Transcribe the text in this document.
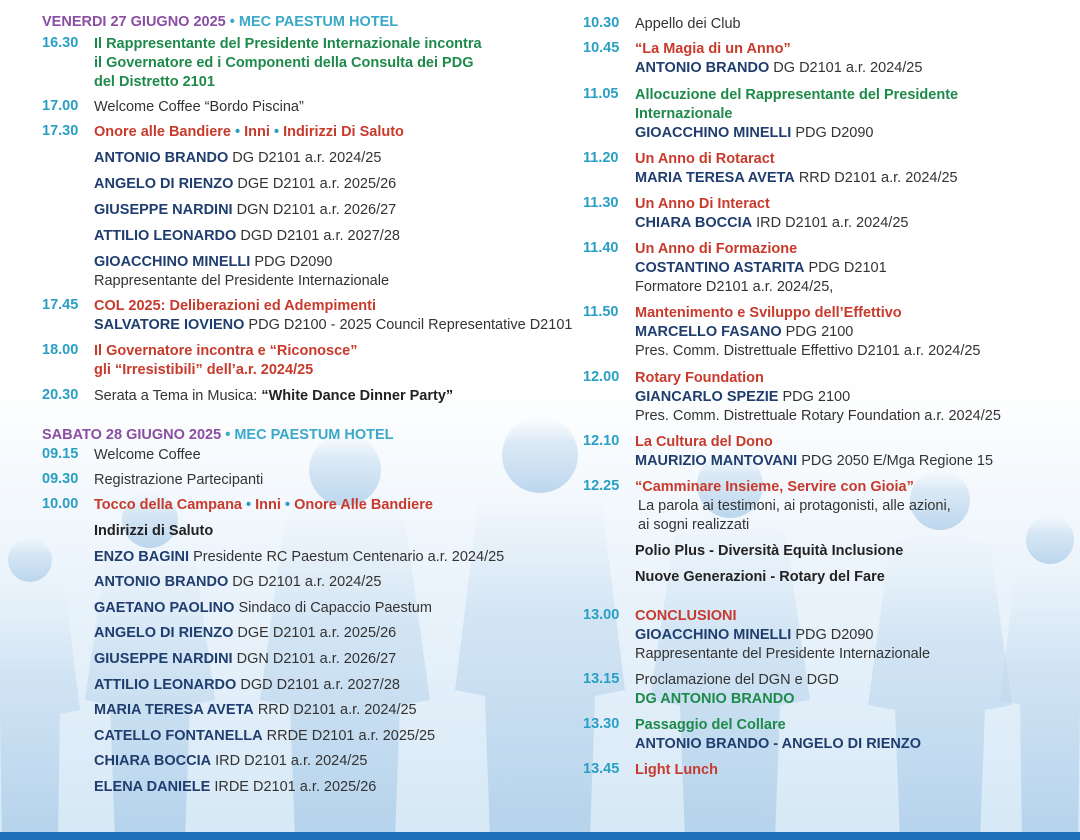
VENERDI 27 GIUGNO 2025 • MEC PAESTUM HOTEL
16.30	Il Rappresentante del Presidente Internazionale incontra
il Governatore ed i Componenti della Consulta dei PDG
del Distretto 2101
17.00	Welcome Coffee “Bordo Piscina”
17.30	Onore alle Bandiere • Inni • Indirizzi Di Saluto
ANTONIO BRANDO DG D2101 a.r. 2024/25
ANGELO DI RIENZO DGE D2101 a.r. 2025/26
GIUSEPPE NARDINI DGN D2101 a.r. 2026/27
ATTILIO LEONARDO DGD D2101 a.r. 2027/28
GIOACCHINO MINELLI PDG D2090
Rappresentante del Presidente Internazionale
17.45	COL 2025: Deliberazioni ed Adempimenti
SALVATORE IOVIENO PDG D2100 - 2025 Council Representative D2101
18.00	Il Governatore incontra e “Riconosce”
gli “Irresistibili” dell’a.r. 2024/25
20.30	Serata a Tema in Musica: “White Dance Dinner Party”
SABATO 28 GIUGNO 2025 • MEC PAESTUM HOTEL
09.15	Welcome Coffee
09.30	Registrazione Partecipanti
10.00	Tocco della Campana • Inni • Onore Alle Bandiere
Indirizzi di Saluto
ENZO BAGINI Presidente RC Paestum Centenario a.r. 2024/25
ANTONIO BRANDO DG D2101 a.r. 2024/25
GAETANO PAOLINO Sindaco di Capaccio Paestum
ANGELO DI RIENZO DGE D2101 a.r. 2025/26
GIUSEPPE NARDINI DGN D2101 a.r. 2026/27
ATTILIO LEONARDO DGD D2101 a.r. 2027/28
MARIA TERESA AVETA RRD D2101 a.r. 2024/25
CATELLO FONTANELLA RRDE D2101 a.r. 2025/25
CHIARA BOCCIA IRD D2101 a.r. 2024/25
ELENA DANIELE IRDE D2101 a.r. 2025/26
10.30	Appello dei Club
10.45	“La Magia di un Anno”
ANTONIO BRANDO DG D2101 a.r. 2024/25
11.05	Allocuzione del Rappresentante del Presidente
Internazionale
GIOACCHINO MINELLI PDG D2090
11.20	Un Anno di Rotaract
MARIA TERESA AVETA RRD D2101 a.r. 2024/25
11.30	Un Anno Di Interact
CHIARA BOCCIA IRD D2101 a.r. 2024/25
11.40	Un Anno di Formazione
COSTANTINO ASTARITA PDG D2101
Formatore D2101 a.r. 2024/25,
11.50	Mantenimento e Sviluppo dell’Effettivo
MARCELLO FASANO PDG 2100
Pres. Comm. Distrettuale Effettivo D2101 a.r. 2024/25
12.00	Rotary Foundation
GIANCARLO SPEZIE PDG 2100
Pres. Comm. Distrettuale Rotary Foundation a.r. 2024/25
12.10	La Cultura del Dono
MAURIZIO MANTOVANI PDG 2050 E/Mga Regione 15
12.25	“Camminare Insieme, Servire con Gioia”
La parola ai testimoni, ai protagonisti, alle azioni,
ai sogni realizzati
Polio Plus - Diversità Equità Inclusione
Nuove Generazioni - Rotary del Fare
13.00	CONCLUSIONI
GIOACCHINO MINELLI PDG D2090
Rappresentante del Presidente Internazionale
13.15	Proclamazione del DGN e DGD
DG ANTONIO BRANDO
13.30	Passaggio del Collare
ANTONIO BRANDO - ANGELO DI RIENZO
13.45	Light Lunch
